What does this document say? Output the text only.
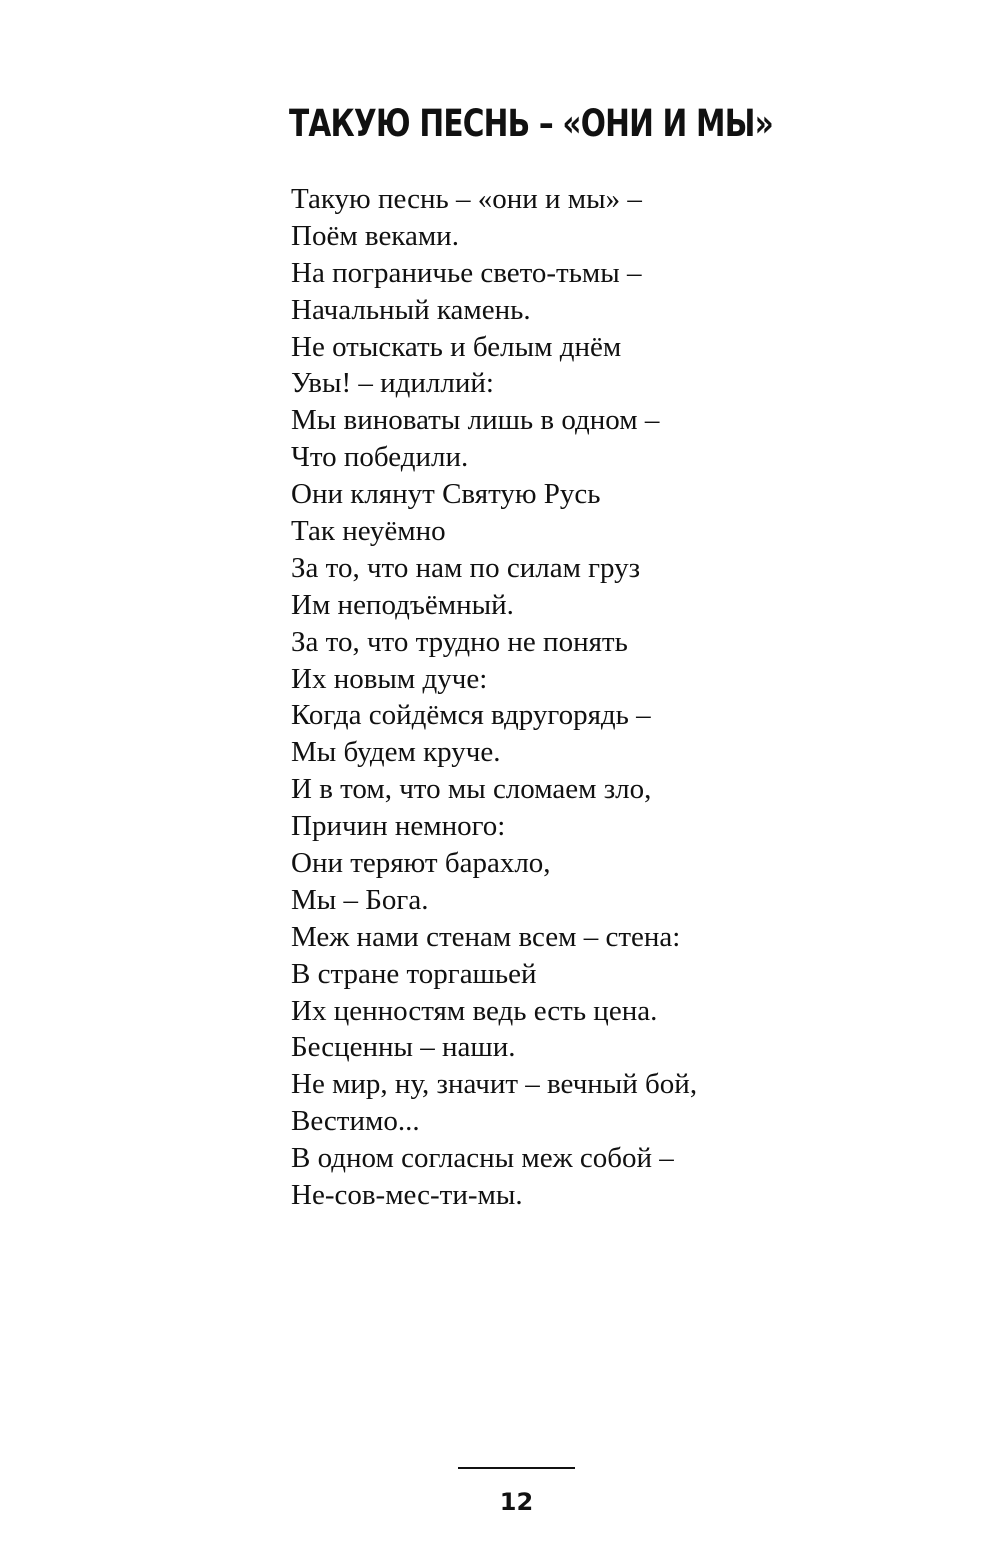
ТАКУЮ ПЕСНЬ – «ОНИ И МЫ»
Такую песнь – «они и мы» –
Поём веками.
На пограничье свето-тьмы –
Начальный камень.
Не отыскать и белым днём
Увы! – идиллий:
Мы виноваты лишь в одном –
Что победили.
Они клянут Святую Русь
Так неуёмно
За то, что нам по силам груз
Им неподъёмный.
За то, что трудно не понять
Их новым дуче:
Когда сойдёмся вдругорядь –
Мы будем круче.
И в том, что мы сломаем зло,
Причин немного:
Они теряют барахло,
Мы – Бога.
Меж нами стенам всем – стена:
В стране торгашьей
Их ценностям ведь есть цена.
Бесценны – наши.
Не мир, ну, значит – вечный бой,
Вестимо...
В одном согласны меж собой –
Не-сов-мес-ти-мы.
12
